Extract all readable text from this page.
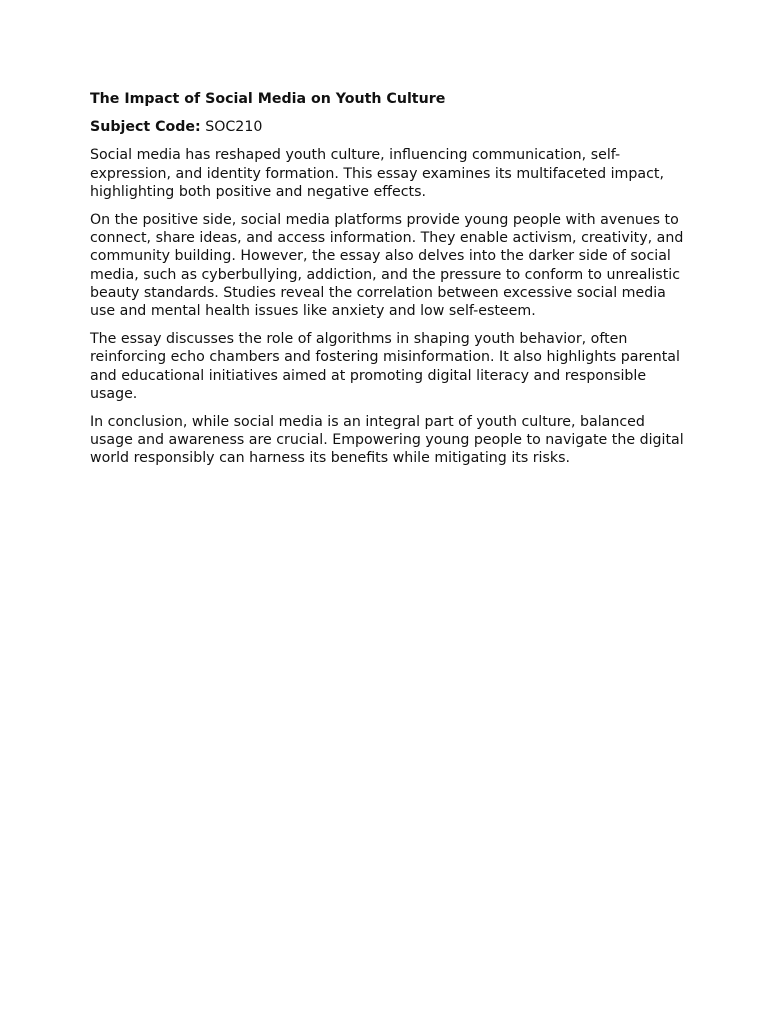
The Impact of Social Media on Youth Culture
Subject Code: SOC210

Social media has reshaped youth culture, influencing communication, self-expression, and identity formation. This essay examines its multifaceted impact, highlighting both positive and negative effects.

On the positive side, social media platforms provide young people with avenues to connect, share ideas, and access information. They enable activism, creativity, and community building. However, the essay also delves into the darker side of social media, such as cyberbullying, addiction, and the pressure to conform to unrealistic beauty standards. Studies reveal the correlation between excessive social media use and mental health issues like anxiety and low self-esteem.

The essay discusses the role of algorithms in shaping youth behavior, often reinforcing echo chambers and fostering misinformation. It also highlights parental and educational initiatives aimed at promoting digital literacy and responsible usage.

In conclusion, while social media is an integral part of youth culture, balanced usage and awareness are crucial. Empowering young people to navigate the digital world responsibly can harness its benefits while mitigating its risks.
